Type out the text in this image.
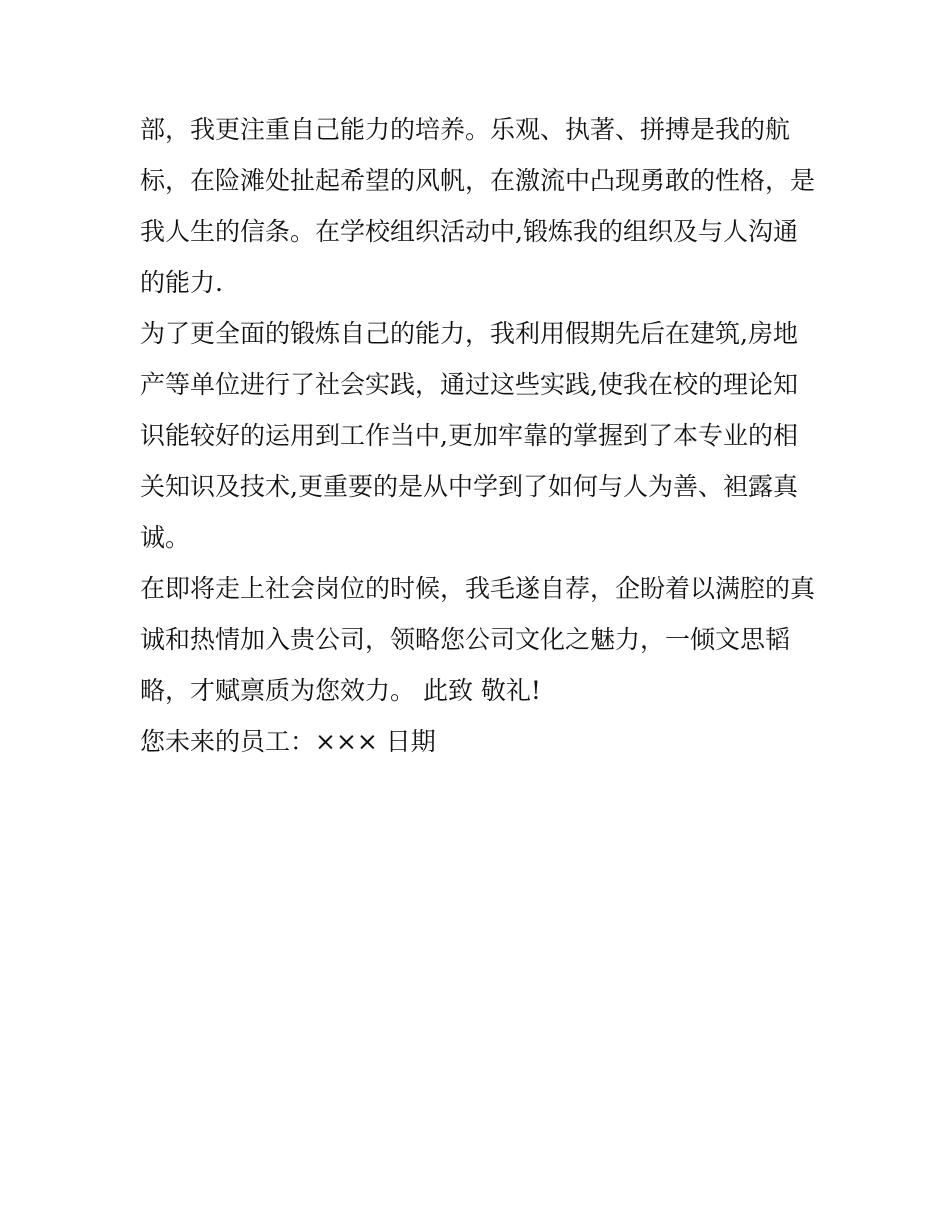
部，我更注重自己能力的培养。乐观、执著、拼搏是我的航
标，在险滩处扯起希望的风帆，在激流中凸现勇敢的性格，是
我人生的信条。在学校组织活动中,锻炼我的组织及与人沟通
的能力.
为了更全面的锻炼自己的能力，我利用假期先后在建筑,房地
产等单位进行了社会实践，通过这些实践,使我在校的理论知
识能较好的运用到工作当中,更加牢靠的掌握到了本专业的相
关知识及技术,更重要的是从中学到了如何与人为善、袒露真
诚。
在即将走上社会岗位的时候，我毛遂自荐，企盼着以满腔的真
诚和热情加入贵公司，领略您公司文化之魅力，一倾文思韬
略，才赋禀质为您效力。 此致 敬礼!
您未来的员工：××× 日期
